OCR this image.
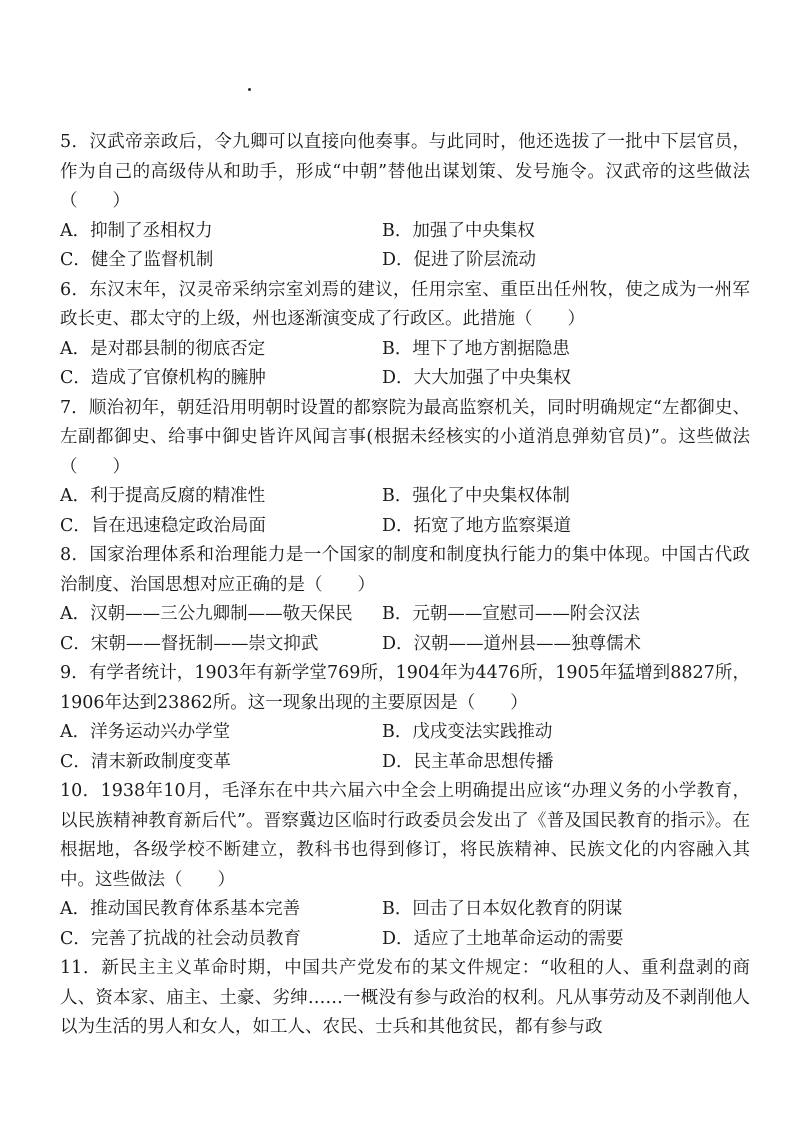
5．汉武帝亲政后，令九卿可以直接向他奏事。与此同时，他还选拔了一批中下层官员，作为自己的高级侍从和助手，形成“中朝”替他出谋划策、发号施令。汉武帝的这些做法（　　）

A．抑制了丞相权力	B．加强了中央集权

C．健全了监督机制	D．促进了阶层流动

6．东汉末年，汉灵帝采纳宗室刘焉的建议，任用宗室、重臣出任州牧，使之成为一州军政长吏、郡太守的上级，州也逐渐演变成了行政区。此措施（　　）

A．是对郡县制的彻底否定	B．埋下了地方割据隐患

C．造成了官僚机构的臃肿	D．大大加强了中央集权

7．顺治初年，朝廷沿用明朝时设置的都察院为最高监察机关，同时明确规定“左都御史、左副都御史、给事中御史皆许风闻言事(根据未经核实的小道消息弹劾官员)”。这些做法（　　）

A．利于提高反腐的精准性	B．强化了中央集权体制

C．旨在迅速稳定政治局面	D．拓宽了地方监察渠道

8．国家治理体系和治理能力是一个国家的制度和制度执行能力的集中体现。中国古代政治制度、治国思想对应正确的是（　　）

A．汉朝——三公九卿制——敬天保民	B．元朝——宣慰司——附会汉法

C．宋朝——督抚制——崇文抑武	D．汉朝——道州县——独尊儒术

9．有学者统计，1903年有新学堂769所，1904年为4476所，1905年猛增到8827所，1906年达到23862所。这一现象出现的主要原因是（　　）

A．洋务运动兴办学堂	B．戊戌变法实践推动

C．清末新政制度变革	D．民主革命思想传播

10．1938年10月，毛泽东在中共六届六中全会上明确提出应该“办理义务的小学教育，以民族精神教育新后代”。晋察冀边区临时行政委员会发出了《普及国民教育的指示》。在根据地，各级学校不断建立，教科书也得到修订，将民族精神、民族文化的内容融入其中。这些做法（　　）

A．推动国民教育体系基本完善	B．回击了日本奴化教育的阴谋

C．完善了抗战的社会动员教育	D．适应了土地革命运动的需要

11．新民主主义革命时期，中国共产党发布的某文件规定：“收租的人、重利盘剥的商人、资本家、庙主、土豪、劣绅……一概没有参与政治的权利。凡从事劳动及不剥削他人以为生活的男人和女人，如工人、农民、士兵和其他贫民，都有参与政
